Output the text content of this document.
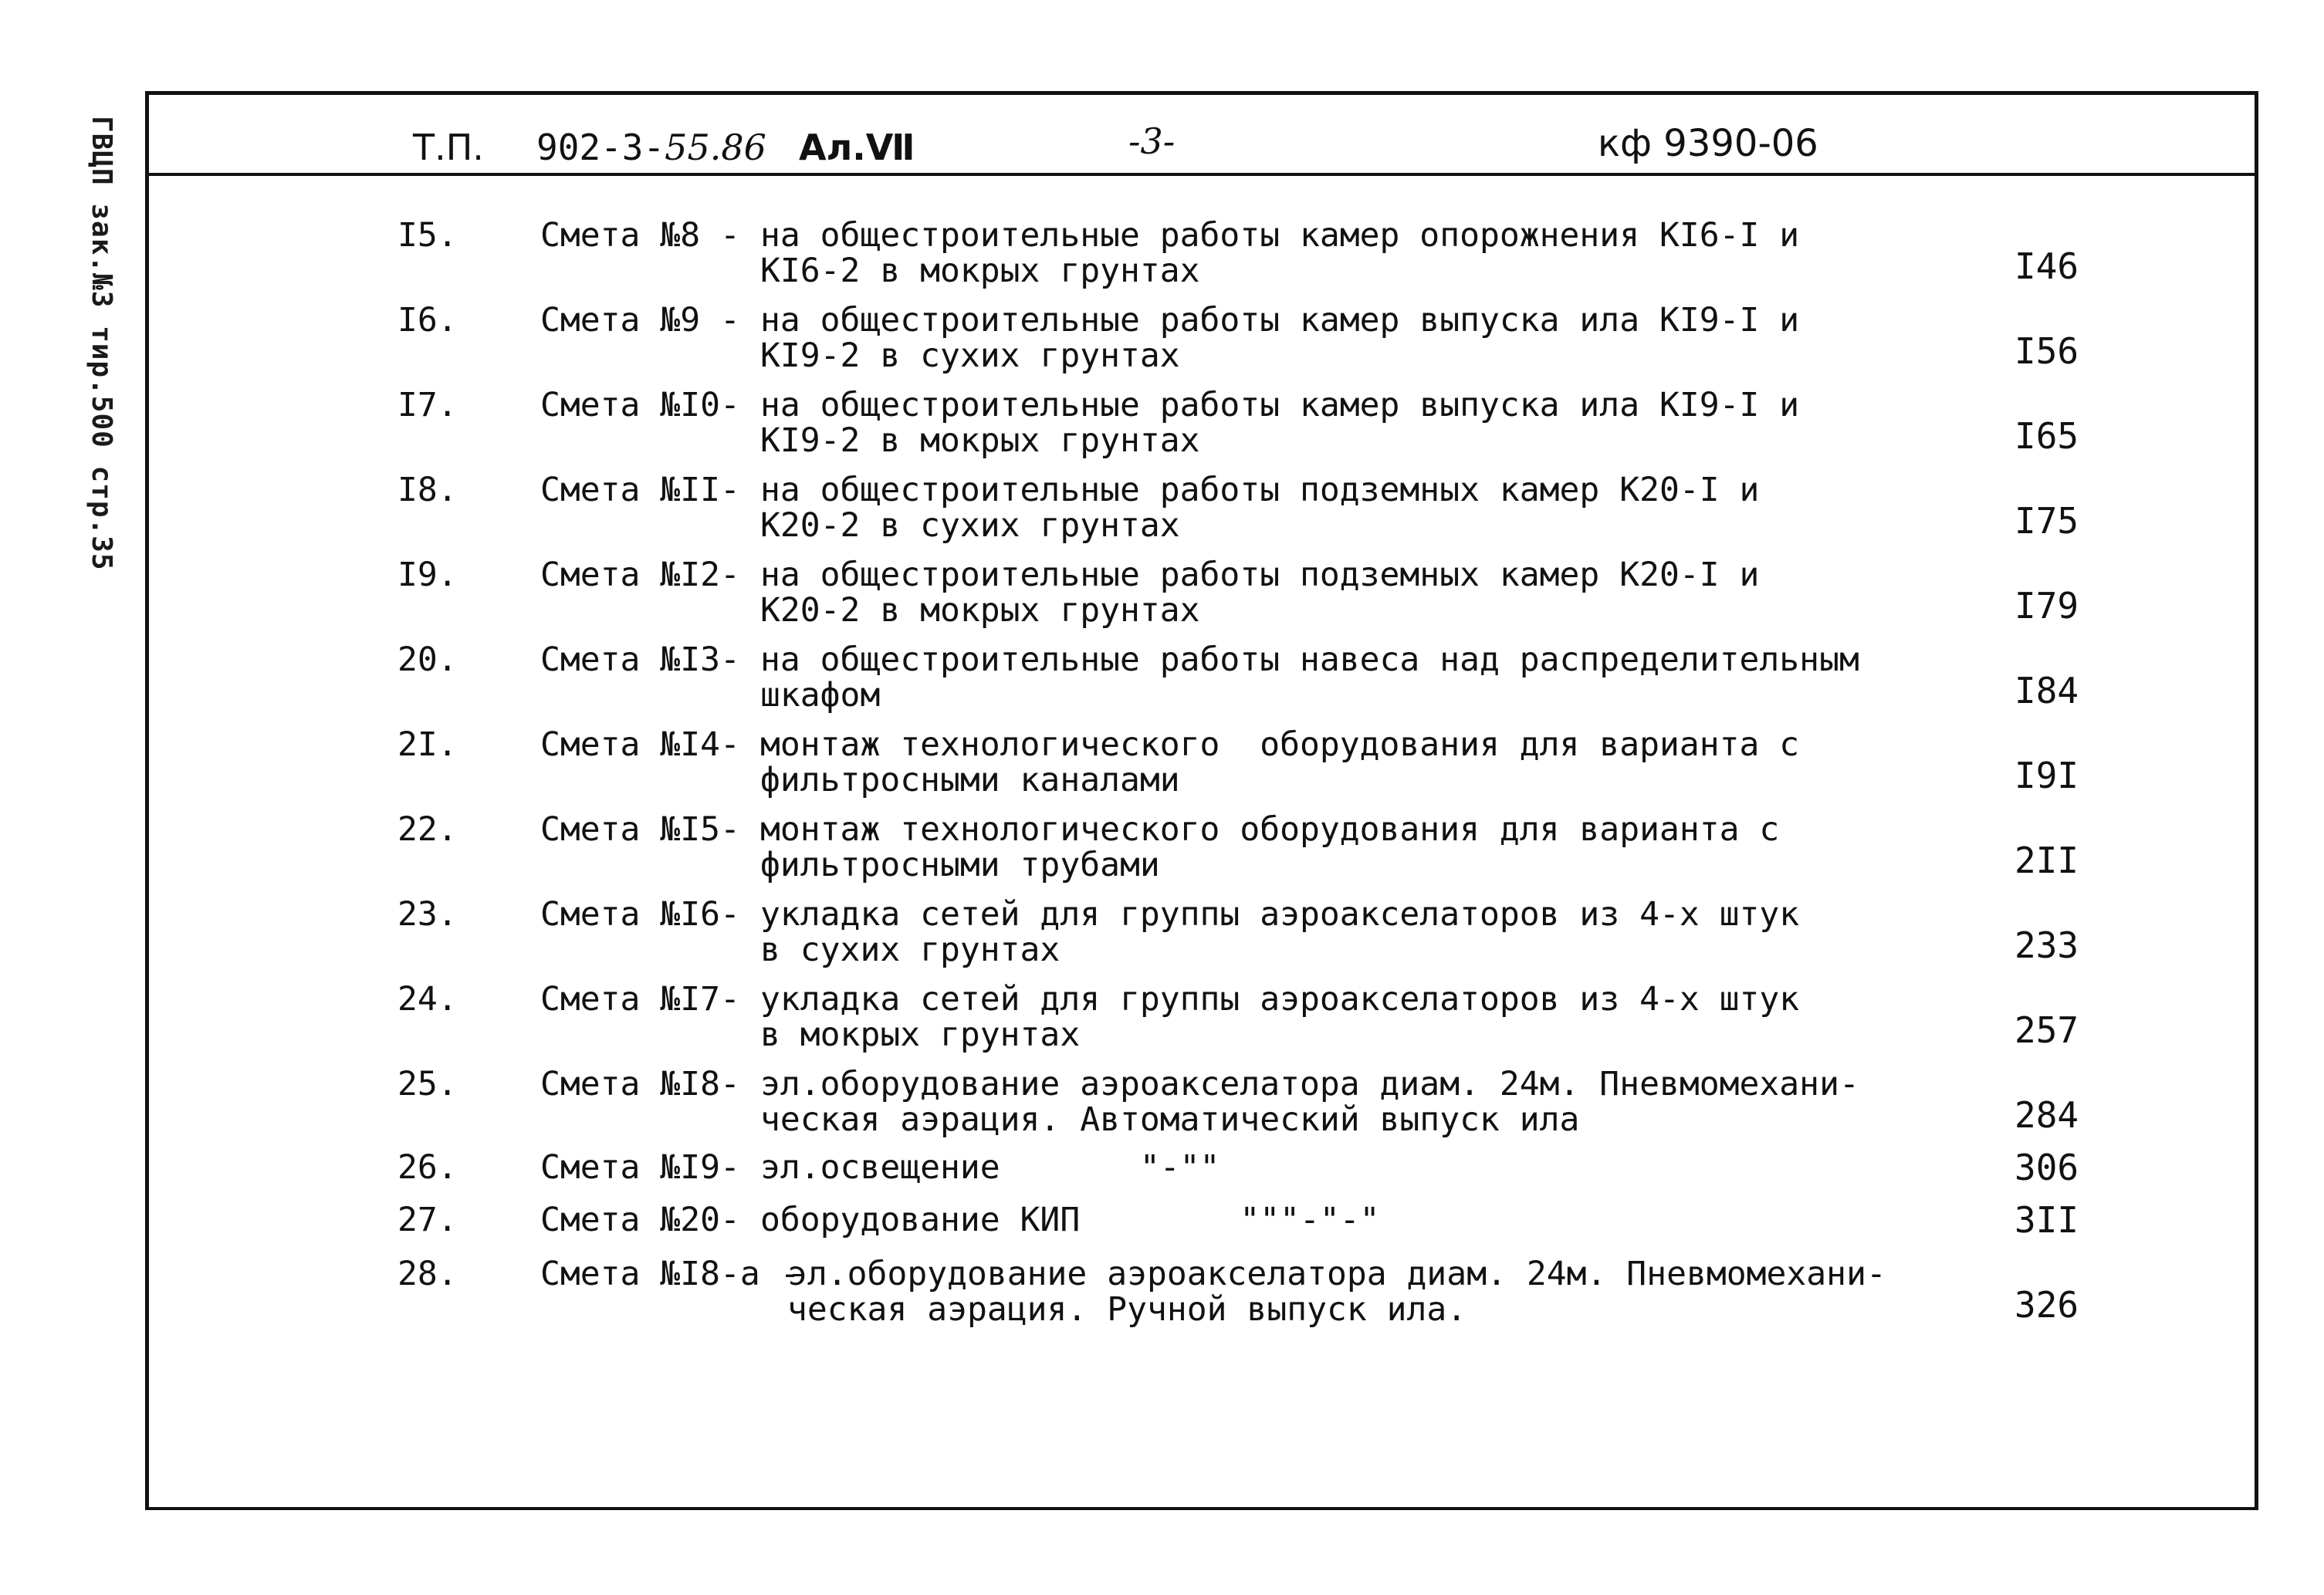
ГВЦП зак.№3 тир.500 стр.35	Т.П. 902-3-55.86 Ал.Ⅶ	-3-	кф 9390-06
I5. Смета №8 - на общестроительные работы камер опорожнения КI6-I и
КI6-2 в мокрых грунтах	I46
I6. Смета №9 - на общестроительные работы камер выпуска ила КI9-I и
КI9-2 в сухих грунтах	I56
I7. Смета №I0- на общестроительные работы камер выпуска ила КI9-I и
КI9-2 в мокрых грунтах	I65
I8. Смета №II- на общестроительные работы подземных камер К20-I и
К20-2 в сухих грунтах	I75
I9. Смета №I2- на общестроительные работы подземных камер К20-I и
К20-2 в мокрых грунтах	I79
20. Смета №I3- на общестроительные работы навеса над распределительным
шкафом	I84
2I. Смета №I4- монтаж технологического  оборудования для варианта с
фильтросными каналами	I9I
22. Смета №I5- монтаж технологического оборудования для варианта с
фильтросными трубами	2II
23. Смета №I6- укладка сетей для группы аэроакселаторов из 4-х штук
в сухих грунтах	233
24. Смета №I7- укладка сетей для группы аэроакселаторов из 4-х штук
в мокрых грунтах	257
25. Смета №I8- эл.оборудование аэроакселатора диам. 24м. Пневмомехани-
ческая аэрация. Автоматический выпуск ила	284
26. Смета №I9- эл.освещение       "-""	306
27. Смета №20- оборудование КИП        """-"-"	3II
28. Смета №I8-а -
эл.оборудование аэроакселатора диам. 24м. Пневмомехани-
ческая аэрация. Ручной выпуск ила.	326
